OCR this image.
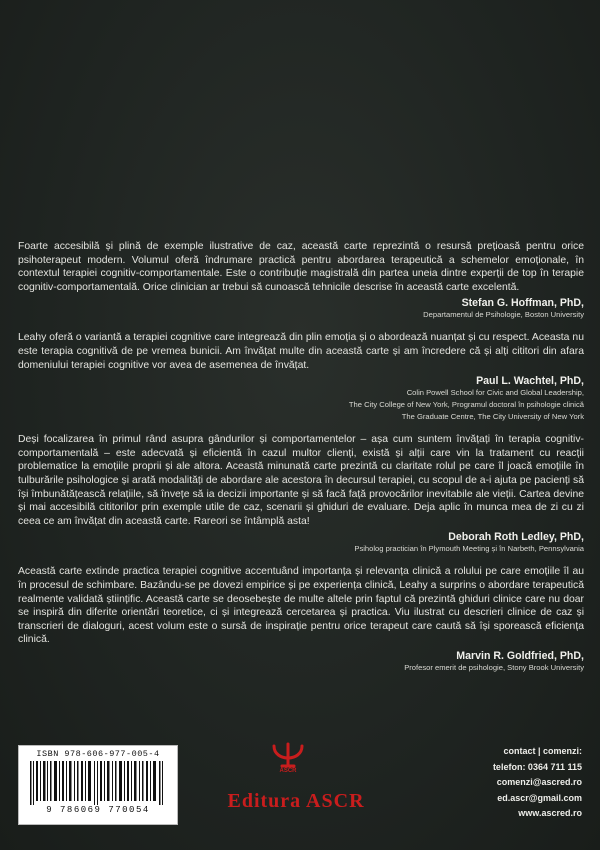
Foarte accesibilă și plină de exemple ilustrative de caz, această carte reprezintă o resursă prețioasă pentru orice psihoterapeut modern. Volumul oferă îndrumare practică pentru abordarea terapeutică a schemelor emoționale, în contextul terapiei cognitiv-comportamentale. Este o contribuție magistrală din partea uneia dintre experții de top în terapie cognitiv-comportamentală. Orice clinician ar trebui să cunoască tehnicile descrise în această carte excelentă.

Stefan G. Hoffman, PhD,
Departamentul de Psihologie, Boston University

Leahy oferă o variantă a terapiei cognitive care integrează din plin emoția și o abordează nuanțat și cu respect. Aceasta nu este terapia cognitivă de pe vremea bunicii. Am învățat multe din această carte și am încredere că și alți cititori din afara domeniului terapiei cognitive vor avea de asemenea de învățat.

Paul L. Wachtel, PhD,
Colin Powell School for Civic and Global Leadership,
The City College of New York, Programul doctoral în psihologie clinică
The Graduate Centre, The City University of New York

Deși focalizarea în primul rând asupra gândurilor și comportamentelor – așa cum suntem învățați în terapia cognitiv-comportamentală – este adecvată și eficientă în cazul multor clienți, există și alții care vin la tratament cu reacții problematice la emoțiile proprii și ale altora. Această minunată carte prezintă cu claritate rolul pe care îl joacă emoțiile în tulburările psihologice și arată modalități de abordare ale acestora în decursul terapiei, cu scopul de a-i ajuta pe pacienți să își îmbunătățească relațiile, să învețe să ia decizii importante și să facă față provocărilor inevitabile ale vieții. Cartea devine și mai accesibilă cititorilor prin exemple utile de caz, scenarii și ghiduri de evaluare. Deja aplic în munca mea de zi cu zi ceea ce am învățat din această carte. Rareori se întâmplă asta!

Deborah Roth Ledley, PhD,
Psiholog practician în Plymouth Meeting și în Narbeth, Pennsylvania

Această carte extinde practica terapiei cognitive accentuând importanța și relevanța clinică a rolului pe care emoțiile îl au în procesul de schimbare. Bazându-se pe dovezi empirice și pe experiența clinică, Leahy a surprins o abordare terapeutică realmente validată științific. Această carte se deosebește de multe altele prin faptul că prezintă ghiduri clinice care nu doar se inspiră din diferite orientări teoretice, ci și integrează cercetarea și practica. Viu ilustrat cu descrieri clinice de caz și transcrieri de dialoguri, acest volum este o sursă de inspirație pentru orice terapeut care caută să își sporească eficiența clinică.

Marvin R. Goldfried, PhD,
Profesor emerit de psihologie, Stony Brook University
ISBN 978-606-977-005-4
9 786069 770054
ASCR
Editura ASCR
contact | comenzi:
telefon: 0364 711 115
comenzi@ascred.ro
ed.ascr@gmail.com
www.ascred.ro
